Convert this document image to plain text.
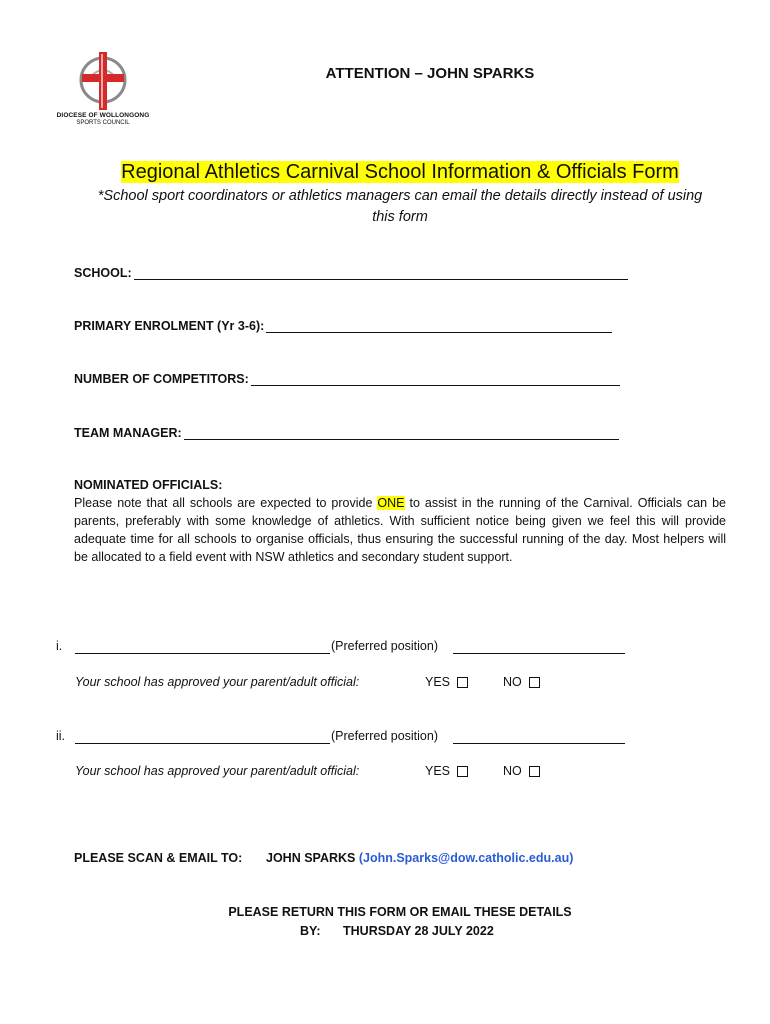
DIOCESE OF WOLLONGONG
SPORTS COUNCIL
ATTENTION – JOHN SPARKS
Regional Athletics Carnival School Information & Officials Form
*School sport coordinators or athletics managers can email the details directly instead of using this form
SCHOOL:
PRIMARY ENROLMENT (Yr 3-6):
NUMBER OF COMPETITORS:
TEAM MANAGER:
NOMINATED OFFICIALS:
Please note that all schools are expected to provide ONE to assist in the running of the Carnival. Officials can be parents, preferably with some knowledge of athletics. With sufficient notice being given we feel this will provide adequate time for all schools to organise officials, thus ensuring the successful running of the day. Most helpers will be allocated to a field event with NSW athletics and secondary student support.
i.	(Preferred position)
Your school has approved your parent/adult official:	YES	NO
ii.	(Preferred position)
Your school has approved your parent/adult official:	YES	NO
PLEASE SCAN & EMAIL TO: JOHN SPARKS (John.Sparks@dow.catholic.edu.au)
PLEASE RETURN THIS FORM OR EMAIL THESE DETAILS
BY: THURSDAY 28 JULY 2022
